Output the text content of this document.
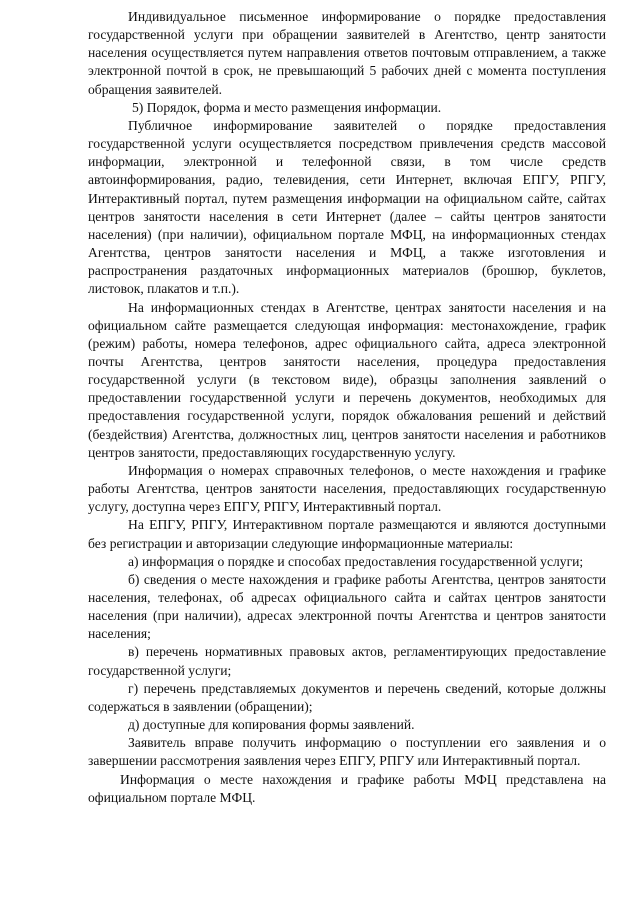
Индивидуальное письменное информирование о порядке предоставления государственной услуги при обращении заявителей в Агентство, центр занятости населения осуществляется путем направления ответов почтовым отправлением, а также электронной почтой в срок, не превышающий 5 рабочих дней с момента поступления обращения заявителей.

5) Порядок, форма и место размещения информации.

Публичное информирование заявителей о порядке предоставления государственной услуги осуществляется посредством привлечения средств массовой информации, электронной и телефонной связи, в том числе средств автоинформирования, радио, телевидения, сети Интернет, включая ЕПГУ, РПГУ, Интерактивный портал, путем размещения информации на официальном сайте, сайтах центров занятости населения в сети Интернет (далее – сайты центров занятости населения) (при наличии), официальном портале МФЦ, на информационных стендах Агентства, центров занятости населения и МФЦ, а также изготовления и распространения раздаточных информационных материалов (брошюр, буклетов, листовок, плакатов и т.п.).

На информационных стендах в Агентстве, центрах занятости населения и на официальном сайте размещается следующая информация: местонахождение, график (режим) работы, номера телефонов, адрес официального сайта, адреса электронной почты Агентства, центров занятости населения, процедура предоставления государственной услуги (в текстовом виде), образцы заполнения заявлений о предоставлении государственной услуги и перечень документов, необходимых для предоставления государственной услуги, порядок обжалования решений и действий (бездействия) Агентства, должностных лиц, центров занятости населения и работников центров занятости, предоставляющих государственную услугу.

Информация о номерах справочных телефонов, о месте нахождения и графике работы Агентства, центров занятости населения, предоставляющих государственную услугу, доступна через ЕПГУ, РПГУ, Интерактивный портал.

На ЕПГУ, РПГУ, Интерактивном портале размещаются и являются доступными без регистрации и авторизации следующие информационные материалы:

а) информация о порядке и способах предоставления государственной услуги;

б) сведения о месте нахождения и графике работы Агентства, центров занятости населения, телефонах, об адресах официального сайта и сайтах центров занятости населения (при наличии), адресах электронной почты Агентства и центров занятости населения;

в) перечень нормативных правовых актов, регламентирующих предоставление государственной услуги;

г) перечень представляемых документов и перечень сведений, которые должны содержаться в заявлении (обращении);

д) доступные для копирования формы заявлений.

Заявитель вправе получить информацию о поступлении его заявления и о завершении рассмотрения заявления через ЕПГУ, РПГУ или Интерактивный портал.

Информация о месте нахождения и графике работы МФЦ представлена на официальном портале МФЦ.
